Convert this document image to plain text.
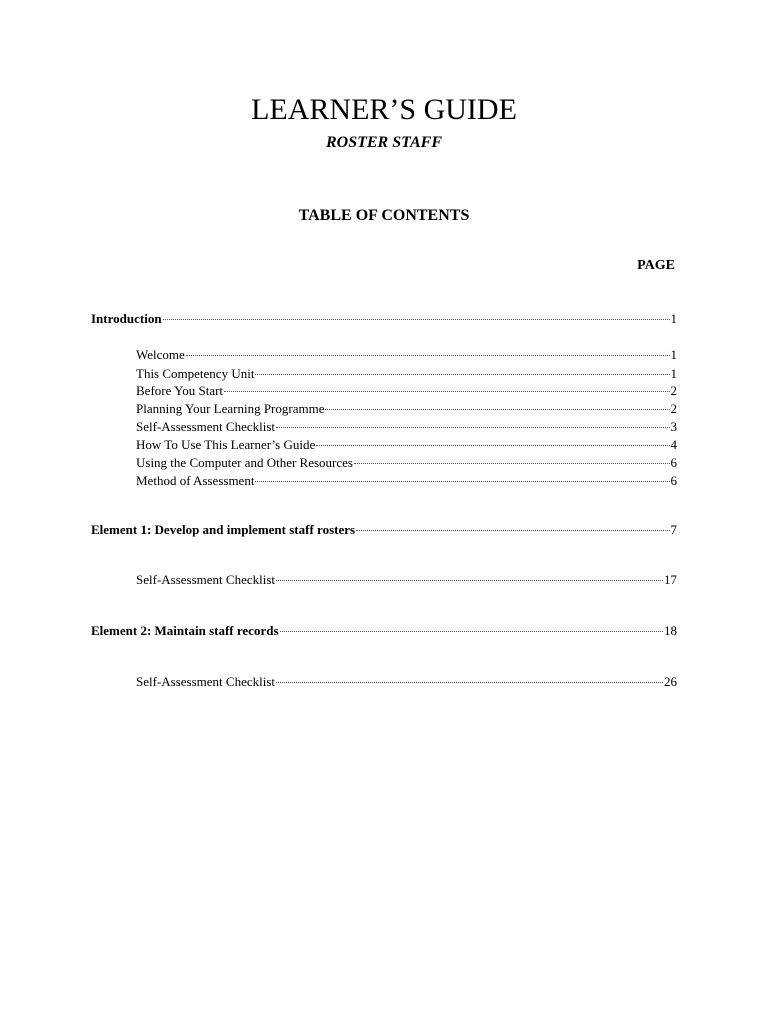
LEARNER’S GUIDE
ROSTER STAFF
TABLE OF CONTENTS
PAGE
Introduction	1
Welcome	1
This Competency Unit	1
Before You Start	2
Planning Your Learning Programme	2
Self-Assessment Checklist	3
How To Use This Learner’s Guide	4
Using the Computer and Other Resources	6
Method of Assessment	6
Element 1: Develop and implement staff rosters	7
Self-Assessment Checklist	17
Element 2: Maintain staff records	18
Self-Assessment Checklist	26
